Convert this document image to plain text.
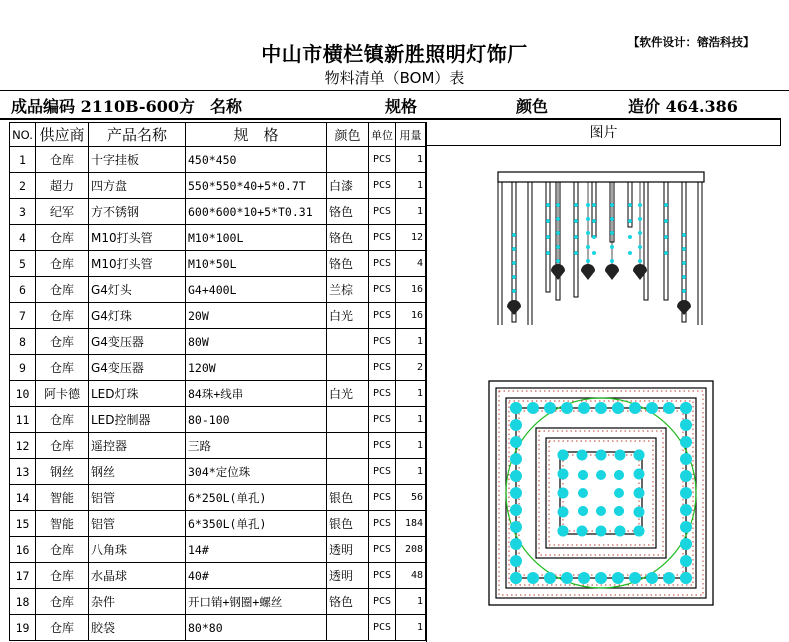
【软件设计：镕浩科技】
中山市横栏镇新胜照明灯饰厂
物料清单（BOM）表
成品编码 2110B-600方 名称	规格	颜色	造价 464.386
NO.	供应商	产品名称	规　格	颜色	单位	用量
1	仓库	十字挂板	450*450		PCS	1
2	超力	四方盘	550*550*40+5*0.7T	白漆	PCS	1
3	纪军	方不锈钢	600*600*10+5*T0.31	铬色	PCS	1
4	仓库	M10打头管	M10*100L	铬色	PCS	12
5	仓库	M10打头管	M10*50L	铬色	PCS	4
6	仓库	G4灯头	G4+400L	兰棕	PCS	16
7	仓库	G4灯珠	20W	白光	PCS	16
8	仓库	G4变压器	80W		PCS	1
9	仓库	G4变压器	120W		PCS	2
10	阿卡德	LED灯珠	84珠+线串	白光	PCS	1
11	仓库	LED控制器	80-100		PCS	1
12	仓库	遥控器	三路		PCS	1
13	钢丝	钢丝	304*定位珠		PCS	1
14	智能	铝管	6*250L(单孔)	银色	PCS	56
15	智能	铝管	6*350L(单孔)	银色	PCS	184
16	仓库	八角珠	14#	透明	PCS	208
17	仓库	水晶球	40#	透明	PCS	48
18	仓库	杂件	开口销+钢圈+螺丝	铬色	PCS	1
19	仓库	胶袋	80*80		PCS	1
图片
